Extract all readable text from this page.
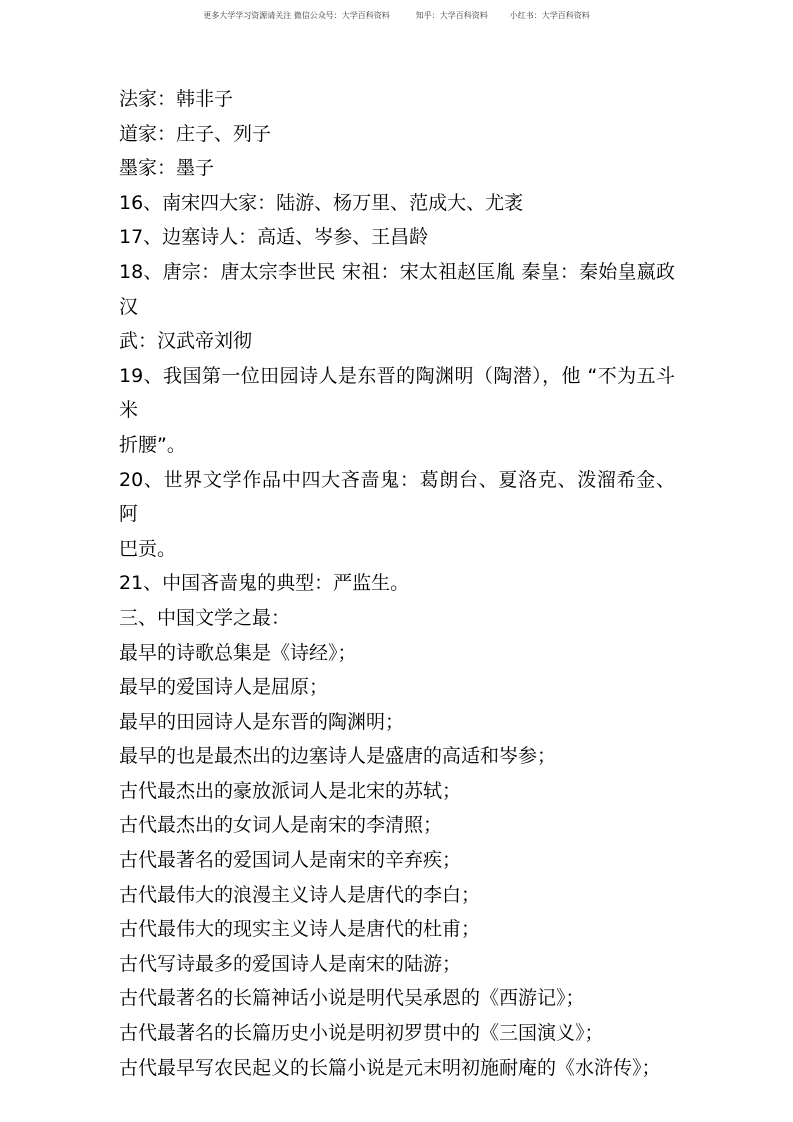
更多大学学习资源请关注 微信公众号：大学百科资料	知乎：大学百科资料	小红书：大学百科资料
法家：韩非子
道家：庄子、列子
墨家：墨子
16、南宋四大家：陆游、杨万里、范成大、尤袤
17、边塞诗人：高适、岑参、王昌龄
18、唐宗：唐太宗李世民 宋祖：宋太祖赵匡胤 秦皇：秦始皇嬴政 汉
武：汉武帝刘彻
19、我国第一位田园诗人是东晋的陶渊明（陶潜），他 “不为五斗米
折腰”。
20、世界文学作品中四大吝啬鬼：葛朗台、夏洛克、泼溜希金、阿
巴贡。
21、中国吝啬鬼的典型：严监生。
三、中国文学之最：
最早的诗歌总集是《诗经》；
最早的爱国诗人是屈原；
最早的田园诗人是东晋的陶渊明；
最早的也是最杰出的边塞诗人是盛唐的高适和岑参；
古代最杰出的豪放派词人是北宋的苏轼；
古代最杰出的女词人是南宋的李清照；
古代最著名的爱国词人是南宋的辛弃疾；
古代最伟大的浪漫主义诗人是唐代的李白；
古代最伟大的现实主义诗人是唐代的杜甫；
古代写诗最多的爱国诗人是南宋的陆游；
古代最著名的长篇神话小说是明代吴承恩的《西游记》；
古代最著名的长篇历史小说是明初罗贯中的《三国演义》；
古代最早写农民起义的长篇小说是元末明初施耐庵的《水浒传》；
